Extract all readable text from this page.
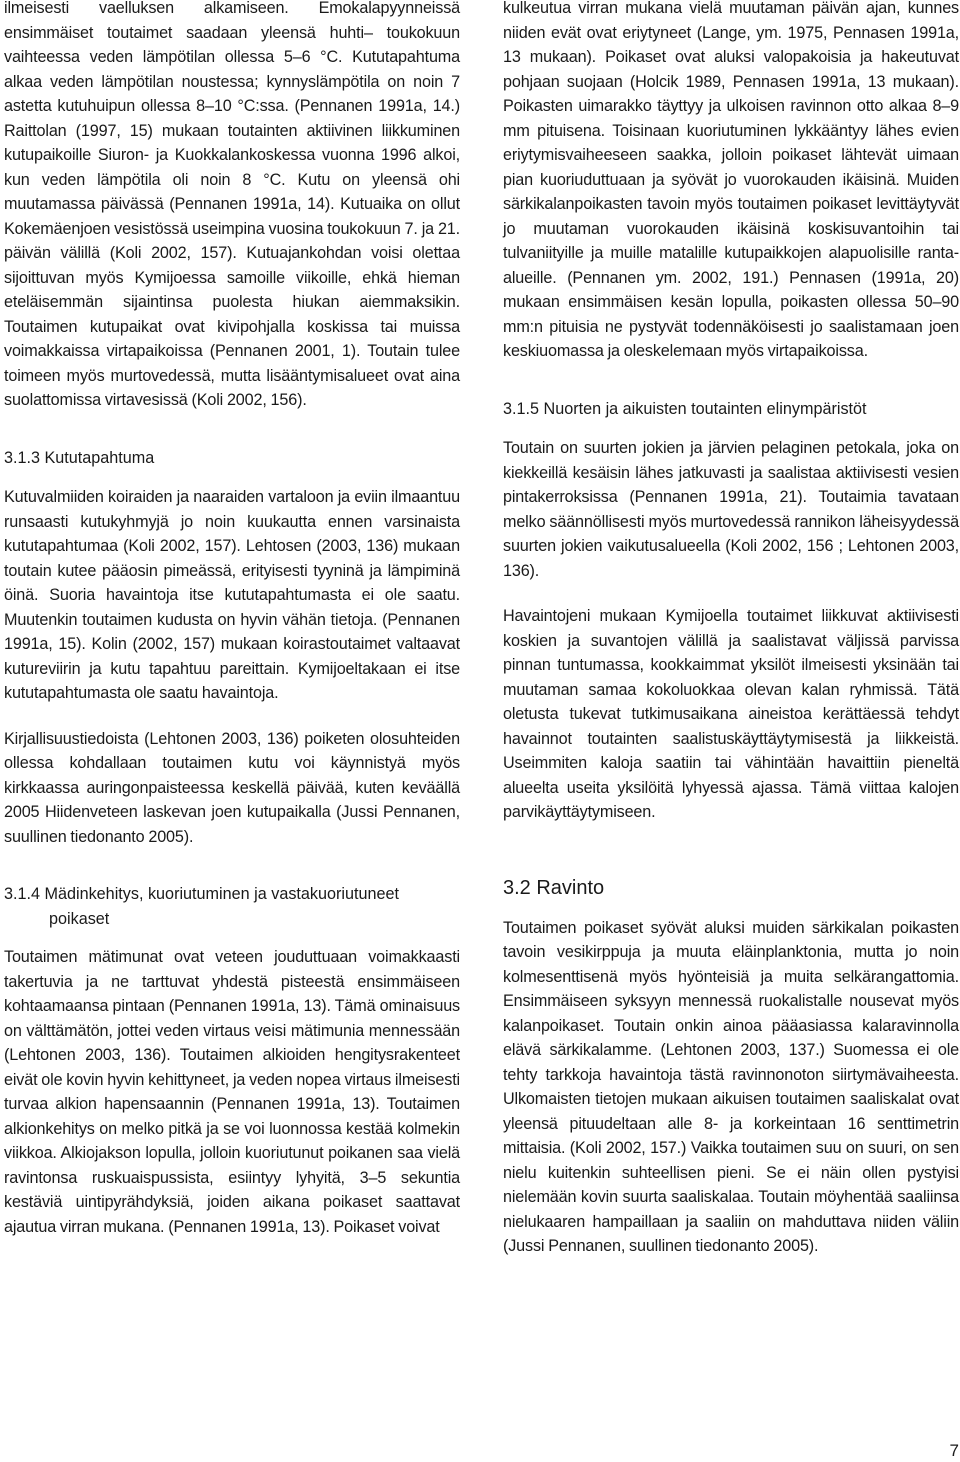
ilmeisesti vaelluksen alkamiseen. Emokalapyynneissä ensimmäiset toutaimet saadaan yleensä huhti– toukokuun vaihteessa veden lämpötilan ollessa 5–6 °C. Kututapahtuma alkaa veden lämpötilan noustessa; kynnyslämpötila on noin 7 astetta kutuhuipun ollessa 8–10 °C:ssa. (Pennanen 1991a, 14.) Raittolan (1997, 15) mukaan toutainten aktiivinen liikkuminen kutupaikoille Siuron- ja Kuokkalankoskessa vuonna 1996 alkoi, kun veden lämpötila oli noin 8 °C. Kutu on yleensä ohi muutamassa päivässä (Pennanen 1991a, 14). Kutuaika on ollut Kokemäenjoen vesistössä useimpina vuosina toukokuun 7. ja 21. päivän välillä (Koli 2002, 157). Kutuajankohdan voisi olettaa sijoittuvan myös Kymijoessa samoille viikoille, ehkä hieman eteläisemmän sijaintinsa puolesta hiukan aiemmaksikin. Toutaimen kutupaikat ovat kivipohjalla koskissa tai muissa voimakkaissa virtapaikoissa (Pennanen 2001, 1). Toutain tulee toimeen myös murtovedessä, mutta lisääntymisalueet ovat aina suolattomissa virtavesissä (Koli 2002, 156).

3.1.3 Kututapahtuma

Kutuvalmiiden koiraiden ja naaraiden vartaloon ja eviin ilmaantuu runsaasti kutukyhmyjä jo noin kuukautta ennen varsinaista kututapahtumaa (Koli 2002, 157). Lehtosen (2003, 136) mukaan toutain kutee pääosin pimeässä, erityisesti tyyninä ja lämpiminä öinä. Suoria havaintoja itse kututapahtumasta ei ole saatu. Muutenkin toutaimen kudusta on hyvin vähän tietoja. (Pennanen 1991a, 15). Kolin (2002, 157) mukaan koirastoutaimet valtaavat kutureviirin ja kutu tapahtuu pareittain. Kymijoeltakaan ei itse kututapahtumasta ole saatu havaintoja.

Kirjallisuustiedoista (Lehtonen 2003, 136) poiketen olosuhteiden ollessa kohdallaan toutaimen kutu voi käynnistyä myös kirkkaassa auringonpaisteessa keskellä päivää, kuten keväällä 2005 Hiidenveteen laskevan joen kutupaikalla (Jussi Pennanen, suullinen tiedonanto 2005).

3.1.4 Mädinkehitys, kuoriutuminen ja vastakuoriutuneet poikaset

Toutaimen mätimunat ovat veteen jouduttuaan voimakkaasti takertuvia ja ne tarttuvat yhdestä pisteestä ensimmäiseen kohtaamaansa pintaan (Pennanen 1991a, 13). Tämä ominaisuus on välttämätön, jottei veden virtaus veisi mätimunia mennessään (Lehtonen 2003, 136). Toutaimen alkioiden hengitysrakenteet eivät ole kovin hyvin kehittyneet, ja veden nopea virtaus ilmeisesti turvaa alkion hapensaannin (Pennanen 1991a, 13). Toutaimen alkionkehitys on melko pitkä ja se voi luonnossa kestää kolmekin viikkoa. Alkiojakson lopulla, jolloin kuoriutunut poikanen saa vielä ravintonsa ruskuaispussista, esiintyy lyhyitä, 3–5 sekuntia kestäviä uintipyrähdyksiä, joiden aikana poikaset saattavat ajautua virran mukana. (Pennanen 1991a, 13). Poikaset voivat

kulkeutua virran mukana vielä muutaman päivän ajan, kunnes niiden evät ovat eriytyneet (Lange, ym. 1975, Pennasen 1991a, 13 mukaan). Poikaset ovat aluksi valopakoisia ja hakeutuvat pohjaan suojaan (Holcik 1989, Pennasen 1991a, 13 mukaan). Poikasten uimarakko täyttyy ja ulkoisen ravinnon otto alkaa 8–9 mm pituisena. Toisinaan kuoriutuminen lykkääntyy lähes evien eriytymisvaiheeseen saakka, jolloin poikaset lähtevät uimaan pian kuoriuduttuaan ja syövät jo vuorokauden ikäisinä. Muiden särkikalanpoikasten tavoin myös toutaimen poikaset levittäytyvät jo muutaman vuorokauden ikäisinä koskisuvantoihin tai tulvaniityille ja muille matalille kutupaikkojen alapuolisille ranta-alueille. (Pennanen ym. 2002, 191.) Pennasen (1991a, 20) mukaan ensimmäisen kesän lopulla, poikasten ollessa 50–90 mm:n pituisia ne pystyvät todennäköisesti jo saalistamaan joen keskiuomassa ja oleskelemaan myös virtapaikoissa.

3.1.5 Nuorten ja aikuisten toutainten elinympäristöt

Toutain on suurten jokien ja järvien pelaginen petokala, joka on kiekkeillä kesäisin lähes jatkuvasti ja saalistaa aktiivisesti vesien pintakerroksissa (Pennanen 1991a, 21). Toutaimia tavataan melko säännöllisesti myös murtovedessä rannikon läheisyydessä suurten jokien vaikutusalueella (Koli 2002, 156 ; Lehtonen 2003, 136).

Havaintojeni mukaan Kymijoella toutaimet liikkuvat aktiivisesti koskien ja suvantojen välillä ja saalistavat väljissä parvissa pinnan tuntumassa, kookkaimmat yksilöt ilmeisesti yksinään tai muutaman samaa kokoluokkaa olevan kalan ryhmissä. Tätä oletusta tukevat tutkimusaikana aineistoa kerättäessä tehdyt havainnot toutainten saalistuskäyttäytymisestä ja liikkeistä. Useimmiten kaloja saatiin tai vähintään havaittiin pieneltä alueelta useita yksilöitä lyhyessä ajassa. Tämä viittaa kalojen parvikäyttäytymiseen.

3.2 Ravinto

Toutaimen poikaset syövät aluksi muiden särkikalan poikasten tavoin vesikirppuja ja muuta eläinplanktonia, mutta jo noin kolmesenttisenä myös hyönteisiä ja muita selkärangattomia. Ensimmäiseen syksyyn mennessä ruokalistalle nousevat myös kalanpoikaset. Toutain onkin ainoa pääasiassa kalaravinnolla elävä särkikalamme. (Lehtonen 2003, 137.) Suomessa ei ole tehty tarkkoja havaintoja tästä ravinnonoton siirtymävaiheesta. Ulkomaisten tietojen mukaan aikuisen toutaimen saaliskalat ovat yleensä pituudeltaan alle 8- ja korkeintaan 16 senttimetrin mittaisia. (Koli 2002, 157.) Vaikka toutaimen suu on suuri, on sen nielu kuitenkin suhteellisen pieni. Se ei näin ollen pystyisi nielemään kovin suurta saaliskalaa. Toutain möyhentää saaliinsa nielukaaren hampaillaan ja saaliin on mahduttava niiden väliin (Jussi Pennanen, suullinen tiedonanto 2005).

7
